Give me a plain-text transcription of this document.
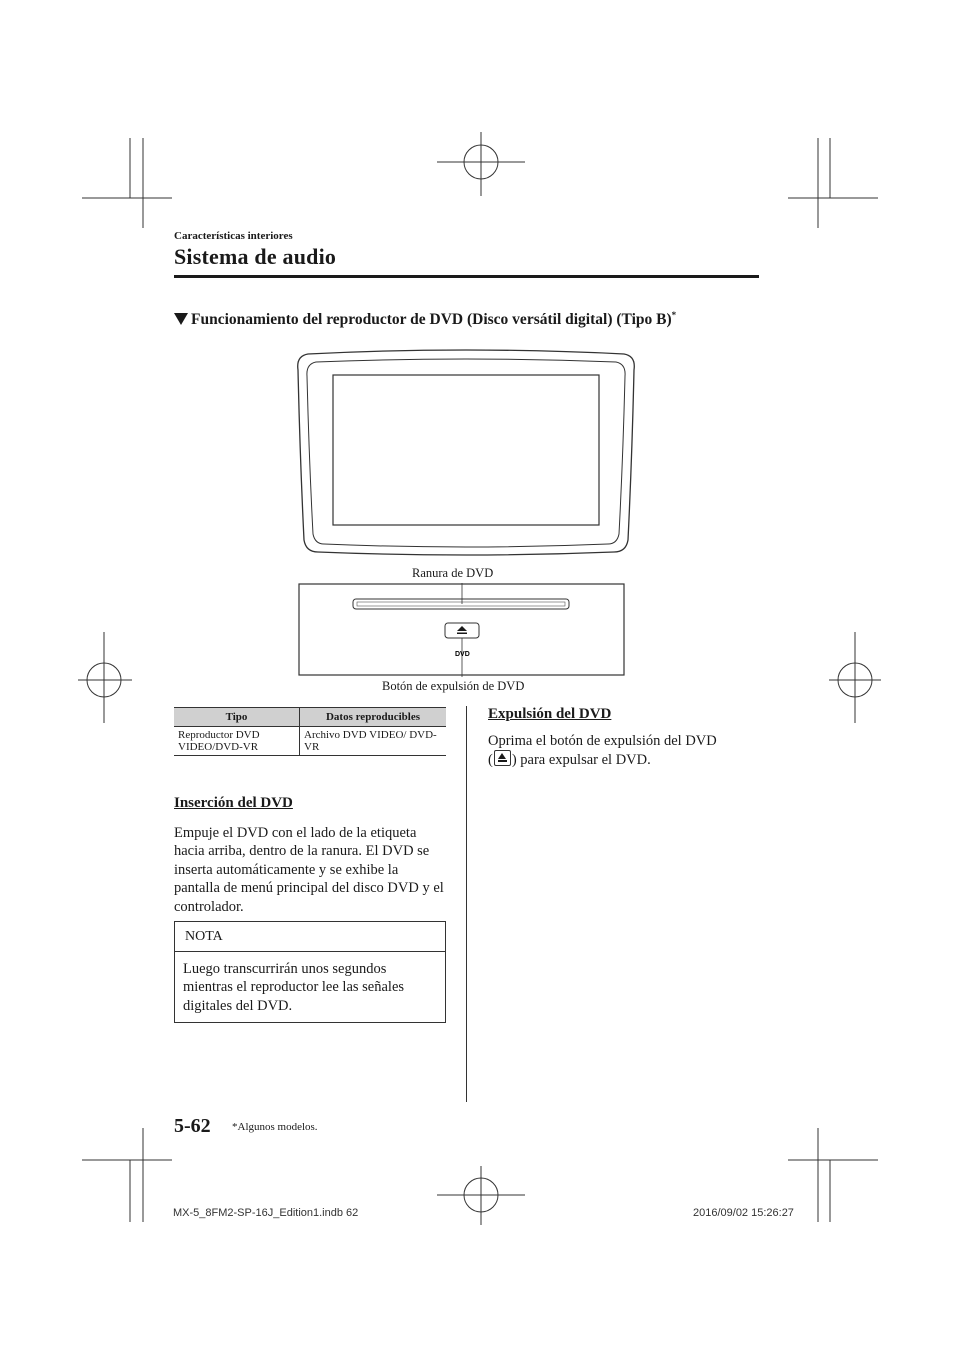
Características interiores
Sistema de audio
Funcionamiento del reproductor de DVD (Disco versátil digital) (Tipo B)*
Ranura de DVD
DVD
Botón de expulsión de DVD
Tipo	Datos reproducibles
Reproductor DVD VIDEO/DVD-VR	Archivo DVD VIDEO/ DVD-VR
Inserción del DVD
Empuje el DVD con el lado de la etiqueta hacia arriba, dentro de la ranura. El DVD se inserta automáticamente y se exhibe la pantalla de menú principal del disco DVD y el controlador.
NOTA
Luego transcurrirán unos segundos mientras el reproductor lee las señales digitales del DVD.
Expulsión del DVD
Oprima el botón de expulsión del DVD
( ) para expulsar el DVD.
5-62 *Algunos modelos.
MX-5_8FM2-SP-16J_Edition1.indb 62	2016/09/02 15:26:27
